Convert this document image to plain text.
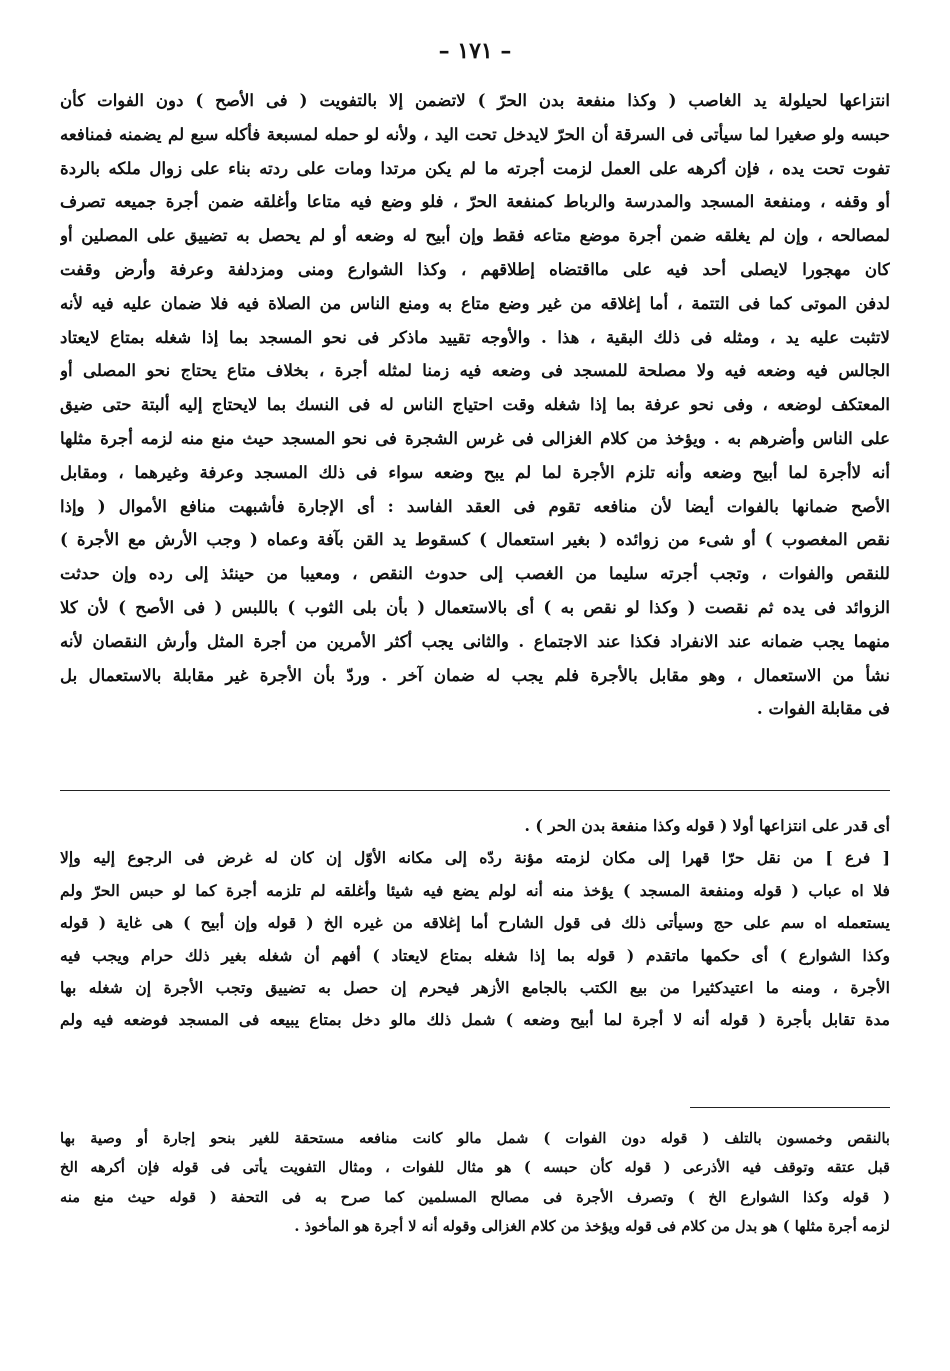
– ١٧١ –
انتزاعها لحيلولة يد الغاصب ( وكذا منفعة بدن الحرّ ) لاتضمن إلا بالتفويت ( فى الأصح ) دون الفوات كأن
حبسه ولو صغيرا لما سيأتى فى السرقة أن الحرّ لايدخل تحت اليد ، ولأنه لو حمله لمسبعة فأكله سبع لم يضمنه فمنافعه
تفوت تحت يده ، فإن أكرهه على العمل لزمت أجرته ما لم يكن مرتدا ومات على ردته بناء على زوال ملكه بالردة
أو وقفه ، ومنفعة المسجد والمدرسة والرباط كمنفعة الحرّ ، فلو وضع فيه متاعا وأغلقه ضمن أجرة جميعه تصرف
لمصالحه ، وإن لم يغلقه ضمن أجرة موضع متاعه فقط وإن أبيح له وضعه أو لم يحصل به تضييق على المصلين أو
كان مهجورا لايصلى أحد فيه على مااقتضاه إطلاقهم ، وكذا الشوارع ومنى ومزدلفة وعرفة وأرض وقفت
لدفن الموتى كما فى التتمة ، أما إغلاقه من غير وضع متاع به ومنع الناس من الصلاة فيه فلا ضمان عليه فيه لأنه
لاتثبت عليه يد ، ومثله فى ذلك البقية ، هذا . والأوجه تقييد ماذكر فى نحو المسجد بما إذا شغله بمتاع لايعتاد
الجالس فيه وضعه فيه ولا مصلحة للمسجد فى وضعه فيه زمنا لمثله أجرة ، بخلاف متاع يحتاج نحو المصلى أو
المعتكف لوضعه ، وفى نحو عرفة بما إذا شغله وقت احتياج الناس له فى النسك بما لايحتاج إليه ألبتة حتى ضيق
على الناس وأضرهم به . ويؤخذ من كلام الغزالى فى غرس الشجرة فى نحو المسجد حيث منع منه لزمه أجرة مثلها
أنه لاأجرة لما أبيح وضعه وأنه تلزم الأجرة لما لم يبح وضعه سواء فى ذلك المسجد وعرفة وغيرهما ، ومقابل
الأصح ضمانها بالفوات أيضا لأن منافعه تقوم فى العقد الفاسد : أى الإجارة فأشبهت منافع الأموال ( وإذا
نقص المغصوب ) أو شىء من زوائده ( بغير استعمال ) كسقوط يد القن بآفة وعماه ( وجب الأرش مع الأجرة )
للنقص والفوات ، وتجب أجرته سليما من الغصب إلى حدوث النقص ، ومعيبا من حينئذ إلى رده وإن حدثت
الزوائد فى يده ثم نقصت ( وكذا لو نقص به ) أى بالاستعمال ( بأن بلى الثوب ) باللبس ( فى الأصح ) لأن كلا
منهما يجب ضمانه عند الانفراد فكذا عند الاجتماع . والثانى يجب أكثر الأمرين من أجرة المثل وأرش النقصان لأنه
نشأ من الاستعمال ، وهو مقابل بالأجرة فلم يجب له ضمان آخر . وردّ بأن الأجرة غير مقابلة بالاستعمال بل
فى مقابلة الفوات .
أى قدر على انتزاعها أولا ( قوله وكذا منفعة بدن الحر ) .
[ فرع ] من نقل حرّا قهرا إلى مكان لزمته مؤنة ردّه إلى مكانه الأوّل إن كان له غرض فى الرجوع إليه وإلا
فلا اه عباب ( قوله ومنفعة المسجد ) يؤخذ منه أنه لولم يضع فيه شيئا وأغلقه لم تلزمه أجرة كما لو حبس الحرّ ولم
يستعمله اه سم على حج وسيأتى ذلك فى قول الشارح أما إغلاقه من غيره الخ ( قوله وإن أبيح ) هى غاية ( قوله
وكذا الشوارع ) أى حكمها ماتقدم ( قوله بما إذا شغله بمتاع لايعتاد ) أفهم أن شغله بغير ذلك حرام ويجب فيه
الأجرة ، ومنه ما اعتيدكثيرا من بيع الكتب بالجامع الأزهر فيحرم إن حصل به تضييق وتجب الأجرة إن شغله بها
مدة تقابل بأجرة ( قوله أنه لا أجرة لما أبيح وضعه ) شمل ذلك مالو دخل بمتاع يبيعه فى المسجد فوضعه فيه ولم
بالنقص وخمسون بالتلف ( قوله دون الفوات ) شمل مالو كانت منافعه مستحقة للغير بنحو إجارة أو وصية بها
قبل عتقه وتوقف فيه الأذرعى ( قوله كأن حبسه ) هو مثال للفوات ، ومثال التفويت يأتى فى قوله فإن أكرهه الخ
( قوله وكذا الشوارع الخ ) وتصرف الأجرة فى مصالح المسلمين كما صرح به فى التحفة ( قوله حيث منع منه
لزمه أجرة مثلها ) هو بدل من كلام فى قوله ويؤخذ من كلام الغزالى وقوله أنه لا أجرة هو المأخوذ .
